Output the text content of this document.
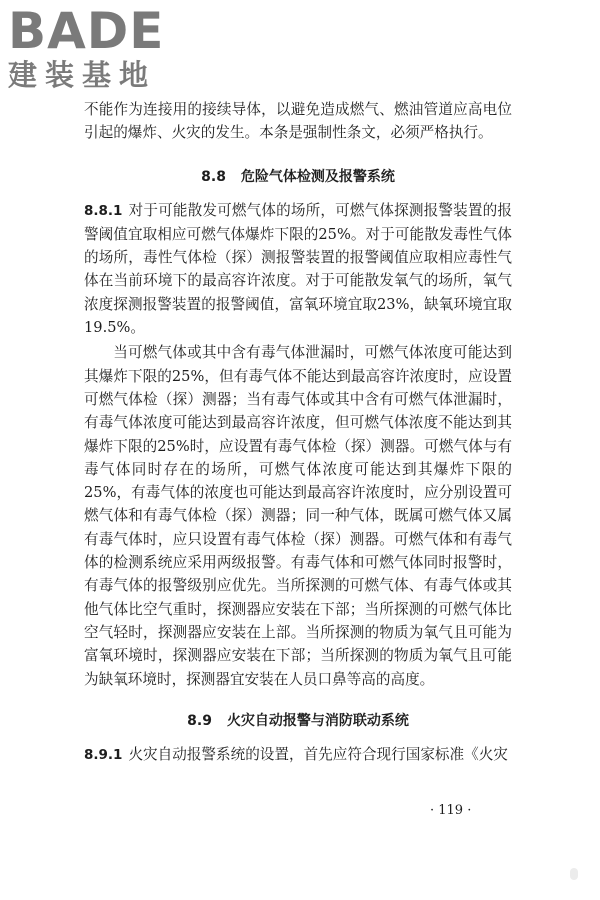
BADE
建装基地

不能作为连接用的接续导体，以避免造成燃气、燃油管道应高电位引起的爆炸、火灾的发生。本条是强制性条文，必须严格执行。

8.8 危险气体检测及报警系统

8.8.1 对于可能散发可燃气体的场所，可燃气体探测报警装置的报警阈值宜取相应可燃气体爆炸下限的25%。对于可能散发毒性气体的场所，毒性气体检（探）测报警装置的报警阈值应取相应毒性气体在当前环境下的最高容许浓度。对于可能散发氧气的场所，氧气浓度探测报警装置的报警阈值，富氧环境宜取23%，缺氧环境宜取19.5%。

当可燃气体或其中含有毒气体泄漏时，可燃气体浓度可能达到其爆炸下限的25%，但有毒气体不能达到最高容许浓度时，应设置可燃气体检（探）测器；当有毒气体或其中含有可燃气体泄漏时，有毒气体浓度可能达到最高容许浓度，但可燃气体浓度不能达到其爆炸下限的25%时，应设置有毒气体检（探）测器。可燃气体与有毒气体同时存在的场所，可燃气体浓度可能达到其爆炸下限的25%，有毒气体的浓度也可能达到最高容许浓度时，应分别设置可燃气体和有毒气体检（探）测器；同一种气体，既属可燃气体又属有毒气体时，应只设置有毒气体检（探）测器。可燃气体和有毒气体的检测系统应采用两级报警。有毒气体和可燃气体同时报警时，有毒气体的报警级别应优先。当所探测的可燃气体、有毒气体或其他气体比空气重时，探测器应安装在下部；当所探测的可燃气体比空气轻时，探测器应安装在上部。当所探测的物质为氧气且可能为富氧环境时，探测器应安装在下部；当所探测的物质为氧气且可能为缺氧环境时，探测器宜安装在人员口鼻等高的高度。

8.9 火灾自动报警与消防联动系统

8.9.1 火灾自动报警系统的设置，首先应符合现行国家标准《火灾

· 119 ·
